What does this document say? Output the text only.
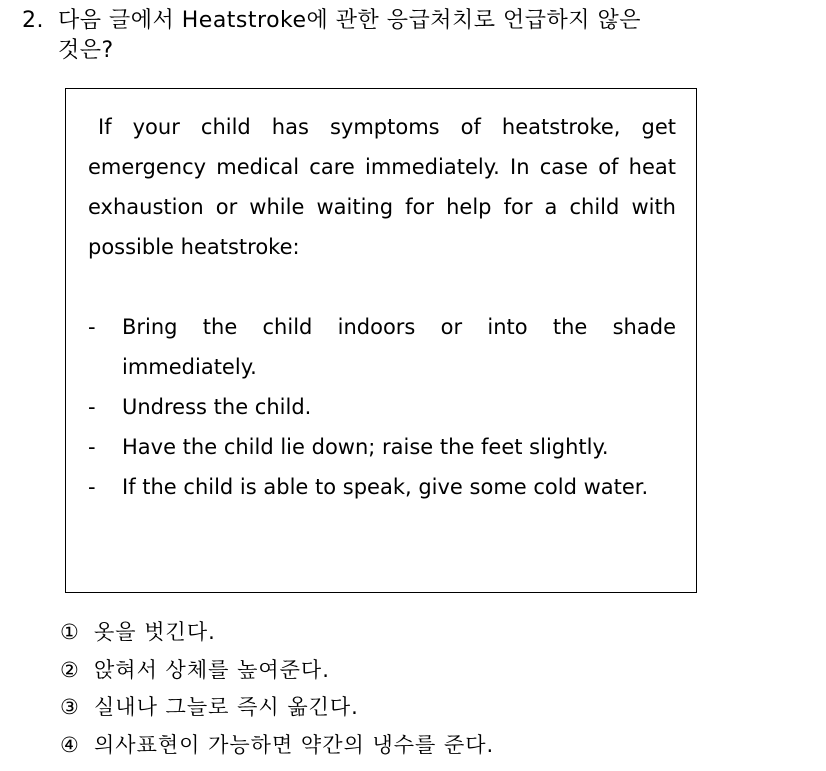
2. 다음 글에서 Heatstroke에 관한 응급처치로 언급하지 않은
것은?

If your child has symptoms of heatstroke, get emergency medical care immediately. In case of heat exhaustion or while waiting for help for a child with possible heatstroke:

- Bring the child indoors or into the shade immediately.
- Undress the child.
- Have the child lie down; raise the feet slightly.
- If the child is able to speak, give some cold water.
① 옷을 벗긴다.
② 앉혀서 상체를 높여준다.
③ 실내나 그늘로 즉시 옮긴다.
④ 의사표현이 가능하면 약간의 냉수를 준다.
